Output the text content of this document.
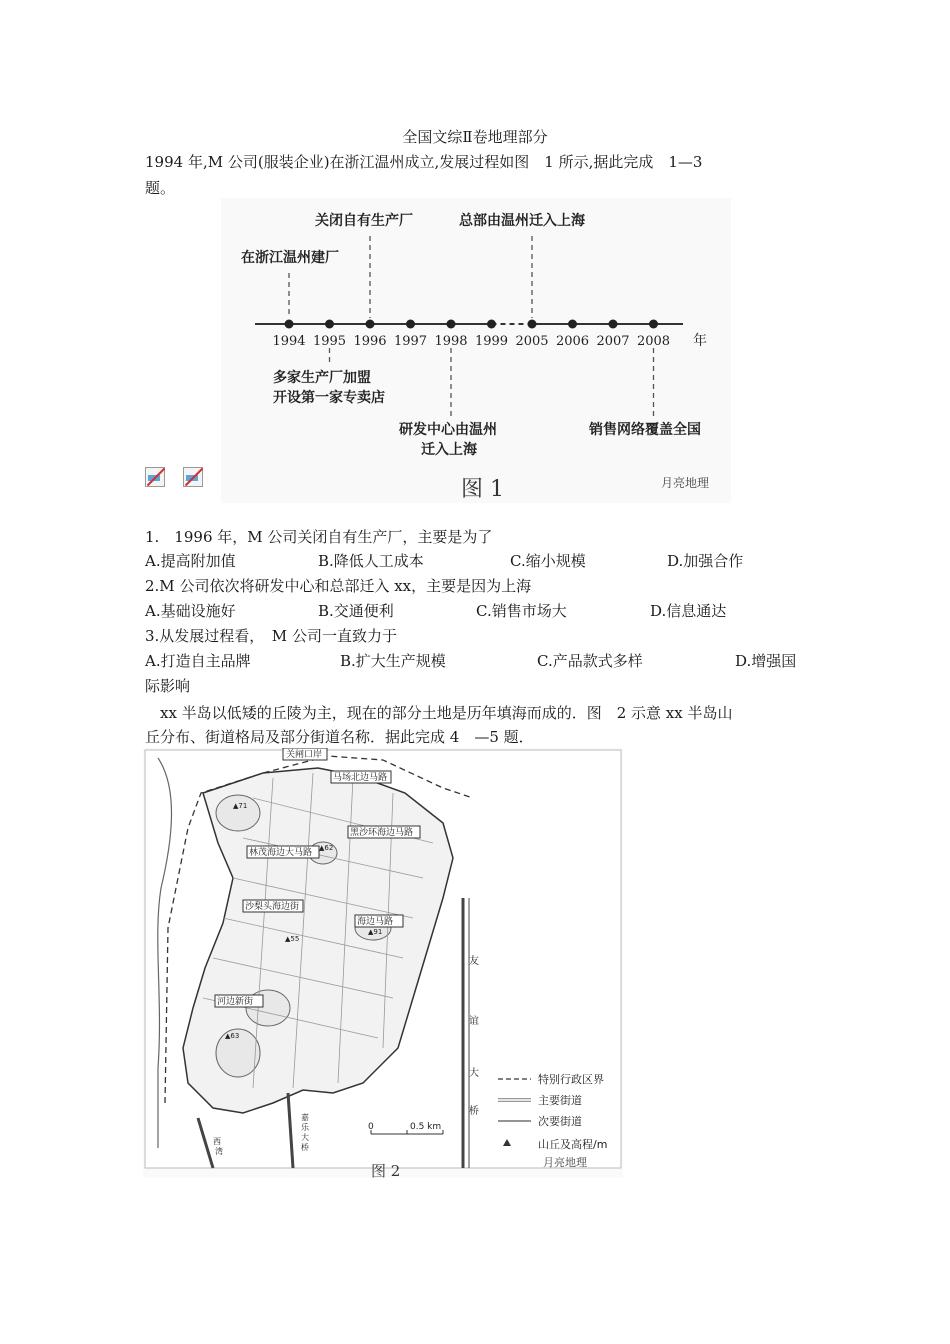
全国文综Ⅱ卷地理部分
1994 年,M 公司(服装企业)在浙江温州成立,发展过程如图　1 所示,据此完成　1—3
题。
1994 1995 1996 1997 1998 1999 2005 2006 2007 2008 年
在浙江温州建厂
关闭自有生产厂	总部由温州迁入上海
多家生产厂加盟
开设第一家专卖店
研发中心由温州
迁入上海
销售网络覆盖全国
图 1	月亮地理
1.　1996 年，M 公司关闭自有生产厂，主要是为了
A.提高附加值	B.降低人工成本	C.缩小规模	D.加强合作
2.M 公司依次将研发中心和总部迁入 xx，主要是因为上海
A.基础设施好	B.交通便利	C.销售市场大	D.信息通达
3.从发展过程看，　M 公司一直致力于
A.打造自主品牌	B.扩大生产规模	C.产品款式多样	D.增强国
际影响
　xx 半岛以低矮的丘陵为主，现在的部分土地是历年填海而成的．图　2 示意 xx 半岛山
丘分布、街道格局及部分街道名称．据此完成 4　—5 题．
关闸口岸
马场北边马路
黑沙环海边马路
林茂海边大马路
沙梨头海边街
海边马路
河边新街
▲71
▲62
▲55
▲91
▲63
友
谊
大
桥
嘉
乐
大
桥
西
湾
特别行政区界
主要街道
次要街道
山丘及高程/m
0	0.5 km
月亮地理
图 2
